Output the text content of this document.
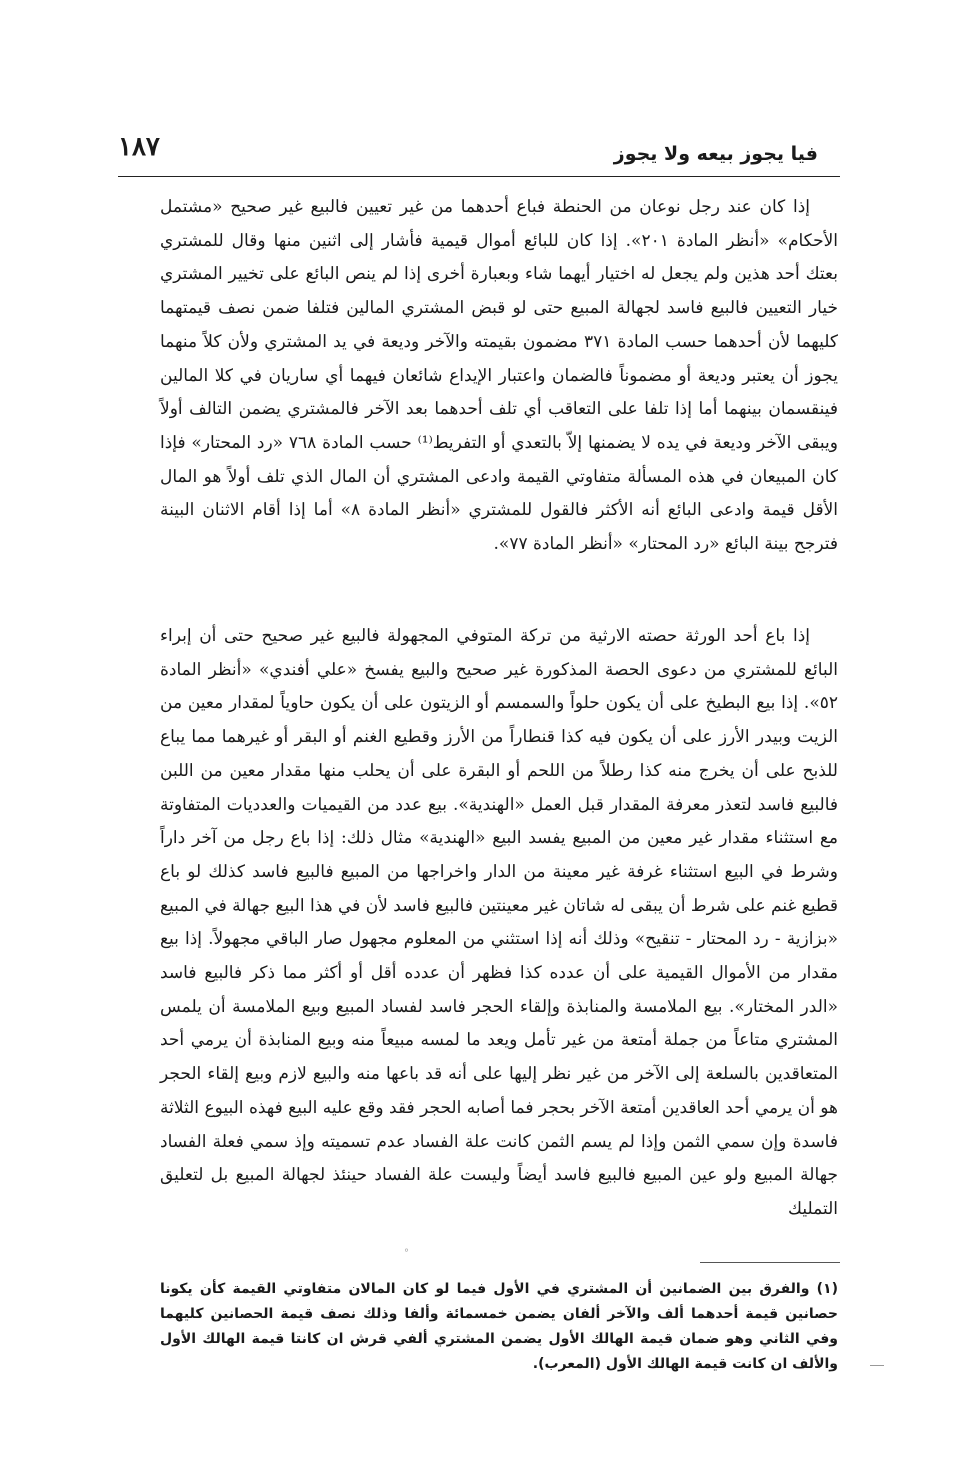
١٨٧	فيا يجوز بيعه ولا يجوز

إذا كان عند رجل نوعان من الحنطة فباع أحدهما من غير تعيين فالبيع غير صحيح «مشتمل الأحكام» «أنظر المادة ٢٠١». إذا كان للبائع أموال قيمية فأشار إلى اثنين منها وقال للمشتري بعتك أحد هذين ولم يجعل له اختيار أيهما شاء وبعبارة أخرى إذا لم ينص البائع على تخيير المشتري خيار التعيين فالبيع فاسد لجهالة المبيع حتى لو قبض المشتري المالين فتلفا ضمن نصف قيمتهما كليهما لأن أحدهما حسب المادة ٣٧١ مضمون بقيمته والآخر وديعة في يد المشتري ولأن كلاً منهما يجوز أن يعتبر وديعة أو مضموناً فالضمان واعتبار الإيداع شائعان فيهما أي ساريان في كلا المالين فينقسمان بينهما أما إذا تلفا على التعاقب أي تلف أحدهما بعد الآخر فالمشتري يضمن التالف أولاً ويبقى الآخر وديعة في يده لا يضمنها إلاّ بالتعدي أو التفريط⁽¹⁾ حسب المادة ٧٦٨ «رد المحتار» فإذا كان المبيعان في هذه المسألة متفاوتي القيمة وادعى المشتري أن المال الذي تلف أولاً هو المال الأقل قيمة وادعى البائع أنه الأكثر فالقول للمشتري «أنظر المادة ٨» أما إذا أقام الاثنان البينة فترجح بينة البائع «رد المحتار» «أنظر المادة ٧٧».

إذا باع أحد الورثة حصته الارثية من تركة المتوفي المجهولة فالبيع غير صحيح حتى أن إبراء البائع للمشتري من دعوى الحصة المذكورة غير صحيح والبيع يفسخ «علي أفندي» «أنظر المادة ٥٢». إذا بيع البطيخ على أن يكون حلواً والسمسم أو الزيتون على أن يكون حاوياً لمقدار معين من الزيت وبيدر الأرز على أن يكون فيه كذا قنطاراً من الأرز وقطيع الغنم أو البقر أو غيرهما مما يباع للذبح على أن يخرج منه كذا رطلاً من اللحم أو البقرة على أن يحلب منها مقدار معين من اللبن فالبيع فاسد لتعذر معرفة المقدار قبل العمل «الهندية». بيع عدد من القيميات والعدديات المتفاوتة مع استثناء مقدار غير معين من المبيع يفسد البيع «الهندية» مثال ذلك: إذا باع رجل من آخر داراً وشرط في البيع استثناء غرفة غير معينة من الدار واخراجها من المبيع فالبيع فاسد كذلك لو باع قطيع غنم على شرط أن يبقى له شاتان غير معينتين فالبيع فاسد لأن في هذا البيع جهالة في المبيع «بزازية - رد المحتار - تنقيح» وذلك أنه إذا استثني من المعلوم مجهول صار الباقي مجهولاً. إذا بيع مقدار من الأموال القيمية على أن عدده كذا فظهر أن عدده أقل أو أكثر مما ذكر فالبيع فاسد «الدر المختار». بيع الملامسة والمنابذة وإلقاء الحجر فاسد لفساد المبيع وبيع الملامسة أن يلمس المشتري متاعاً من جملة أمتعة من غير تأمل ويعد ما لمسه مبيعاً منه وبيع المنابذة أن يرمي أحد المتعاقدين بالسلعة إلى الآخر من غير نظر إليها على أنه قد باعها منه والبيع لازم وبيع إلقاء الحجر هو أن يرمي أحد العاقدين أمتعة الآخر بحجر فما أصابه الحجر فقد وقع عليه البيع فهذه البيوع الثلاثة فاسدة وإن سمي الثمن وإذا لم يسم الثمن كانت علة الفساد عدم تسميته وإذ سمي فعلة الفساد جهالة المبيع ولو عين المبيع فالبيع فاسد أيضاً وليست علة الفساد حينئذ لجهالة المبيع بل لتعليق التمليك

°

(١) والفرق بين الضمانين أن المشتري في الأول فيما لو كان المالان متفاوتي القيمة كأن يكونا حصانين قيمة أحدهما ألف والآخر ألفان يضمن خمسمائة وألفا وذلك نصف قيمة الحصانين كليهما وفي الثاني وهو ضمان قيمة الهالك الأول يضمن المشتري ألفي قرش ان كانتا قيمة الهالك الأول والألف ان كانت قيمة الهالك الأول (المعرب).
